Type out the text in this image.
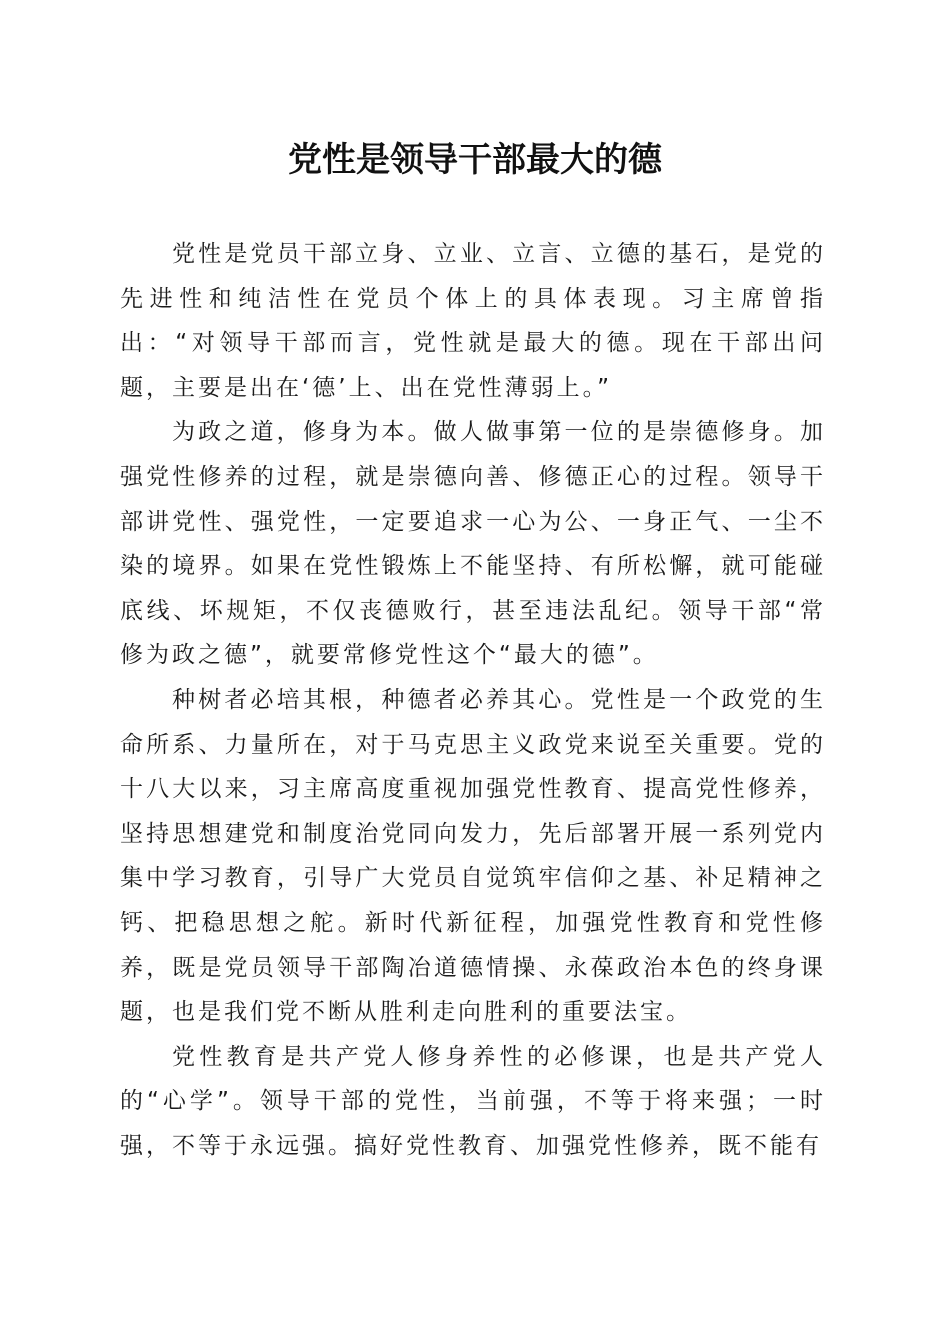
党性是领导干部最大的德

党性是党员干部立身、立业、立言、立德的基石，是党的先进性和纯洁性在党员个体上的具体表现。习主席曾指出：“对领导干部而言，党性就是最大的德。现在干部出问题，主要是出在‘德’上、出在党性薄弱上。”

为政之道，修身为本。做人做事第一位的是崇德修身。加强党性修养的过程，就是崇德向善、修德正心的过程。领导干部讲党性、强党性，一定要追求一心为公、一身正气、一尘不染的境界。如果在党性锻炼上不能坚持、有所松懈，就可能碰底线、坏规矩，不仅丧德败行，甚至违法乱纪。领导干部“常修为政之德”，就要常修党性这个“最大的德”。

种树者必培其根，种德者必养其心。党性是一个政党的生命所系、力量所在，对于马克思主义政党来说至关重要。党的十八大以来，习主席高度重视加强党性教育、提高党性修养，坚持思想建党和制度治党同向发力，先后部署开展一系列党内集中学习教育，引导广大党员自觉筑牢信仰之基、补足精神之钙、把稳思想之舵。新时代新征程，加强党性教育和党性修养，既是党员领导干部陶冶道德情操、永葆政治本色的终身课题，也是我们党不断从胜利走向胜利的重要法宝。

党性教育是共产党人修身养性的必修课，也是共产党人的“心学”。领导干部的党性，当前强，不等于将来强；一时强，不等于永远强。搞好党性教育、加强党性修养，既不能有
